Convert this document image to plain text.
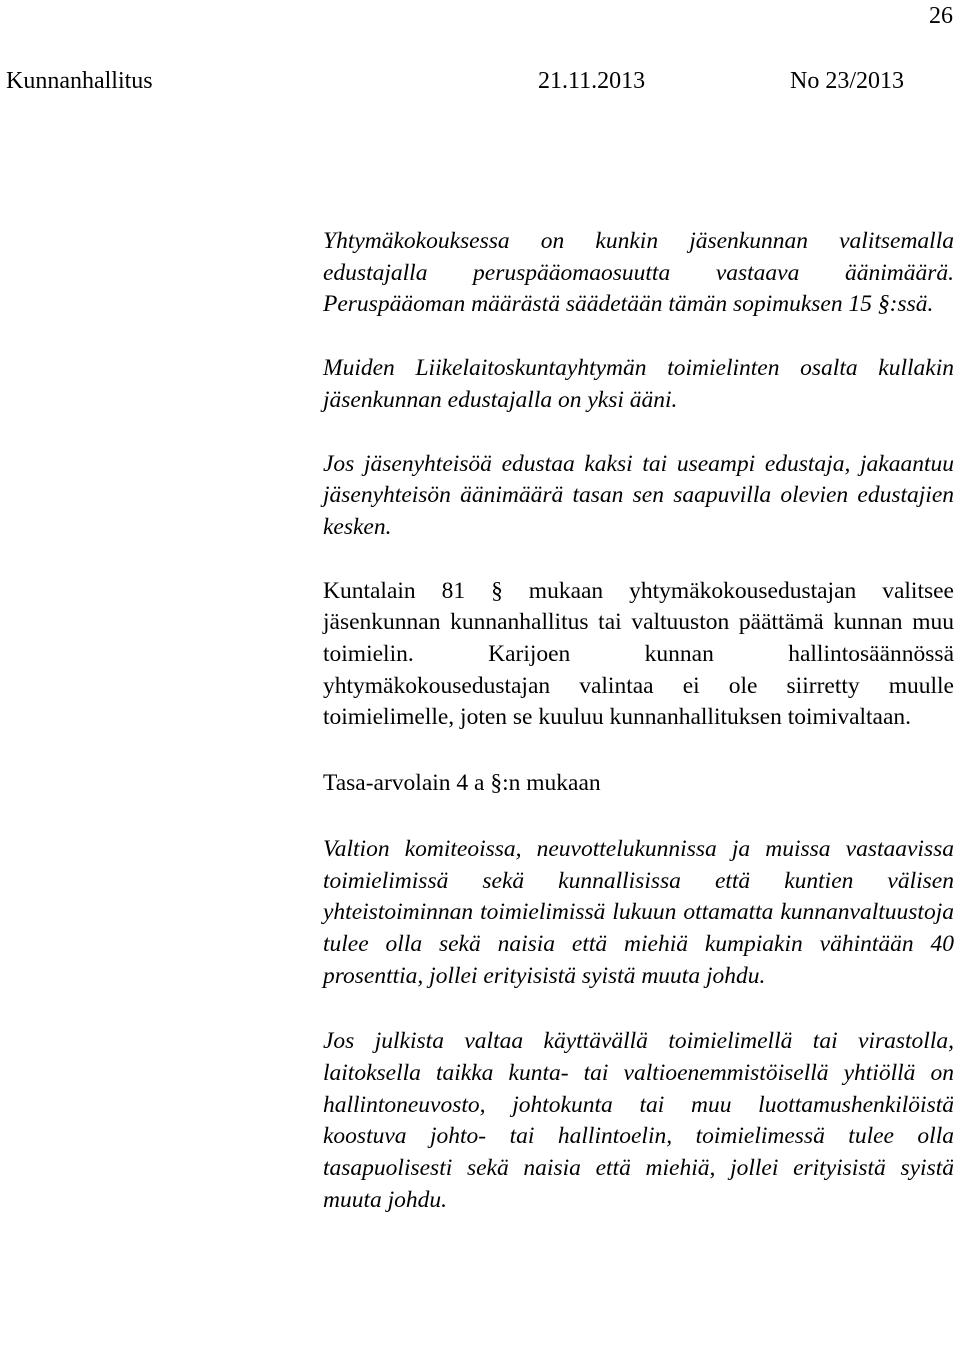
26
Kunnanhallitus	21.11.2013	No 23/2013

Yhtymäkokouksessa on kunkin jäsenkunnan valitsemalla edustajalla peruspääomaosuutta vastaava äänimäärä. Peruspääoman määrästä säädetään tämän sopimuksen 15 §:ssä.

Muiden Liikelaitoskuntayhtymän toimielinten osalta kullakin jäsenkunnan edustajalla on yksi ääni.

Jos jäsenyhteisöä edustaa kaksi tai useampi edustaja, jakaantuu jäsenyhteisön äänimäärä tasan sen saapuvilla olevien edustajien kesken.

Kuntalain 81 § mukaan yhtymäkokousedustajan valitsee jäsenkunnan kunnanhallitus tai valtuuston päättämä kunnan muu toimielin. Karijoen kunnan hallintosäännössä yhtymäkokousedustajan valintaa ei ole siirretty muulle toimielimelle, joten se kuuluu kunnanhallituksen toimivaltaan.

Tasa-arvolain 4 a §:n mukaan

Valtion komiteoissa, neuvottelukunnissa ja muissa vastaavissa toimielimissä sekä kunnallisissa että kuntien välisen yhteistoiminnan toimielimissä lukuun ottamatta kunnanvaltuustoja tulee olla sekä naisia että miehiä kumpiakin vähintään 40 prosenttia, jollei erityisistä syistä muuta johdu.

Jos julkista valtaa käyttävällä toimielimellä tai virastolla, laitoksella taikka kunta- tai valtioenemmistöisellä yhtiöllä on hallintoneuvosto, johtokunta tai muu luottamushenkilöistä koostuva johto- tai hallintoelin, toimielimessä tulee olla tasapuolisesti sekä naisia että miehiä, jollei erityisistä syistä muuta johdu.
